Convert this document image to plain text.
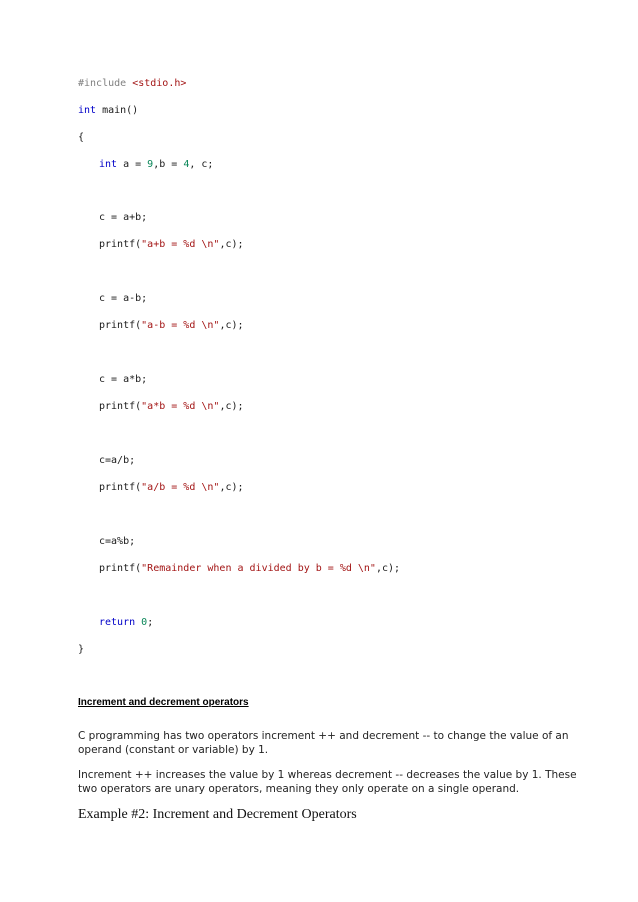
#include <stdio.h>
int main()
{
int a = 9,b = 4, c;
c = a+b;
printf("a+b = %d \n",c);
c = a-b;
printf("a-b = %d \n",c);
c = a*b;
printf("a*b = %d \n",c);
c=a/b;
printf("a/b = %d \n",c);
c=a%b;
printf("Remainder when a divided by b = %d \n",c);
return 0;
}
Increment and decrement operators
C programming has two operators increment ++ and decrement -- to change the value of an operand (constant or variable) by 1.
Increment ++ increases the value by 1 whereas decrement -- decreases the value by 1. These two operators are unary operators, meaning they only operate on a single operand.
Example #2: Increment and Decrement Operators
